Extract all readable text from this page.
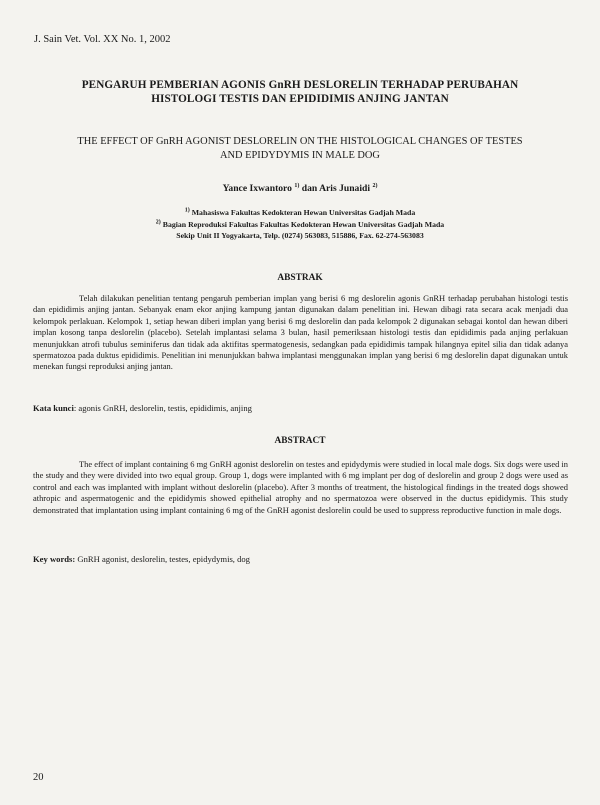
J. Sain Vet. Vol. XX No. 1, 2002
PENGARUH PEMBERIAN AGONIS GnRH DESLORELIN TERHADAP PERUBAHAN
HISTOLOGI TESTIS DAN EPIDIDIMIS ANJING JANTAN
THE EFFECT OF GnRH AGONIST DESLORELIN ON THE HISTOLOGICAL CHANGES OF TESTES
AND EPIDYDYMIS IN MALE DOG
Yance Ixwantoro $^{1)}$ dan Aris Junaidi $^{2)}$
$^{1)}$ Mahasiswa Fakultas Kedokteran Hewan Universitas Gadjah Mada
$^{2)}$ Bagian Reproduksi Fakultas Fakultas Kedokteran Hewan Universitas Gadjah Mada
Sekip Unit II Yogyakarta, Telp. (0274) 563083, 515886, Fax. 62-274-563083
ABSTRAK

Telah dilakukan penelitian tentang pengaruh pemberian implan yang berisi 6 mg deslorelin agonis GnRH terhadap perubahan histologi testis dan epididimis anjing jantan. Sebanyak enam ekor anjing kampung jantan digunakan dalam penelitian ini. Hewan dibagi rata secara acak menjadi dua kelompok perlakuan. Kelompok 1, setiap hewan diberi implan yang berisi 6 mg deslorelin dan pada kelompok 2 digunakan sebagai kontol dan hewan diberi implan kosong tanpa deslorelin (placebo). Setelah implantasi selama 3 bulan, hasil pemeriksaan histologi testis dan epididimis pada anjing perlakuan menunjukkan atrofi tubulus seminiferus dan tidak ada aktifitas spermatogenesis, sedangkan pada epididimis tampak hilangnya epitel silia dan tidak adanya spermatozoa pada duktus epididimis. Penelitian ini menunjukkan bahwa implantasi menggunakan implan yang berisi 6 mg deslorelin dapat digunakan untuk menekan fungsi reproduksi anjing jantan.

Kata kunci: agonis GnRH, deslorelin, testis, epididimis, anjing
ABSTRACT

The effect of implant containing 6 mg GnRH agonist deslorelin on testes and epidydymis were studied in local male dogs. Six dogs were used in the study and they were divided into two equal group. Group 1, dogs were implanted with 6 mg implant per dog of deslorelin and group 2 dogs were used as control and each was implanted with implant without deslorelin (placebo). After 3 months of treatment, the histological findings in the treated dogs showed athropic and aspermatogenic and the epididymis showed epithelial atrophy and no spermatozoa were observed in the ductus epididymis. This study demonstrated that implantation using implant containing 6 mg of the GnRH agonist deslorelin could be used to suppress reproductive function in male dogs.

Key words: GnRH agonist, deslorelin, testes, epidydymis, dog
20
